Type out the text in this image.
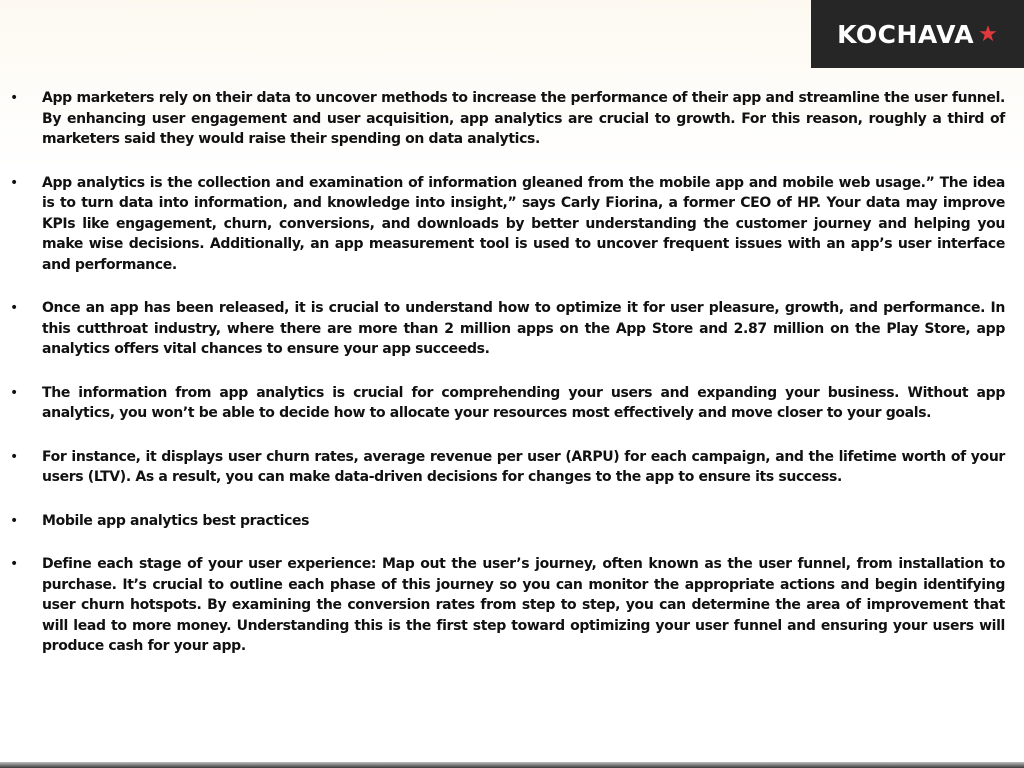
KOCHAVA ★
•	App marketers rely on their data to uncover methods to increase the performance of their app and streamline the user funnel. By enhancing user engagement and user acquisition, app analytics are crucial to growth. For this reason, roughly a third of marketers said they would raise their spending on data analytics.
•	App analytics is the collection and examination of information gleaned from the mobile app and mobile web usage.” The idea is to turn data into information, and knowledge into insight,” says Carly Fiorina, a former CEO of HP. Your data may improve KPIs like engagement, churn, conversions, and downloads by better understanding the customer journey and helping you make wise decisions. Additionally, an app measurement tool is used to uncover frequent issues with an app’s user interface and performance.
•	Once an app has been released, it is crucial to understand how to optimize it for user pleasure, growth, and performance. In this cutthroat industry, where there are more than 2 million apps on the App Store and 2.87 million on the Play Store, app analytics offers vital chances to ensure your app succeeds.
•	The information from app analytics is crucial for comprehending your users and expanding your business. Without app analytics, you won’t be able to decide how to allocate your resources most effectively and move closer to your goals.
•	For instance, it displays user churn rates, average revenue per user (ARPU) for each campaign, and the lifetime worth of your users (LTV). As a result, you can make data-driven decisions for changes to the app to ensure its success.
•	Mobile app analytics best practices
•	Define each stage of your user experience: Map out the user’s journey, often known as the user funnel, from installation to purchase. It’s crucial to outline each phase of this journey so you can monitor the appropriate actions and begin identifying user churn hotspots. By examining the conversion rates from step to step, you can determine the area of improvement that will lead to more money. Understanding this is the first step toward optimizing your user funnel and ensuring your users will produce cash for your app.
